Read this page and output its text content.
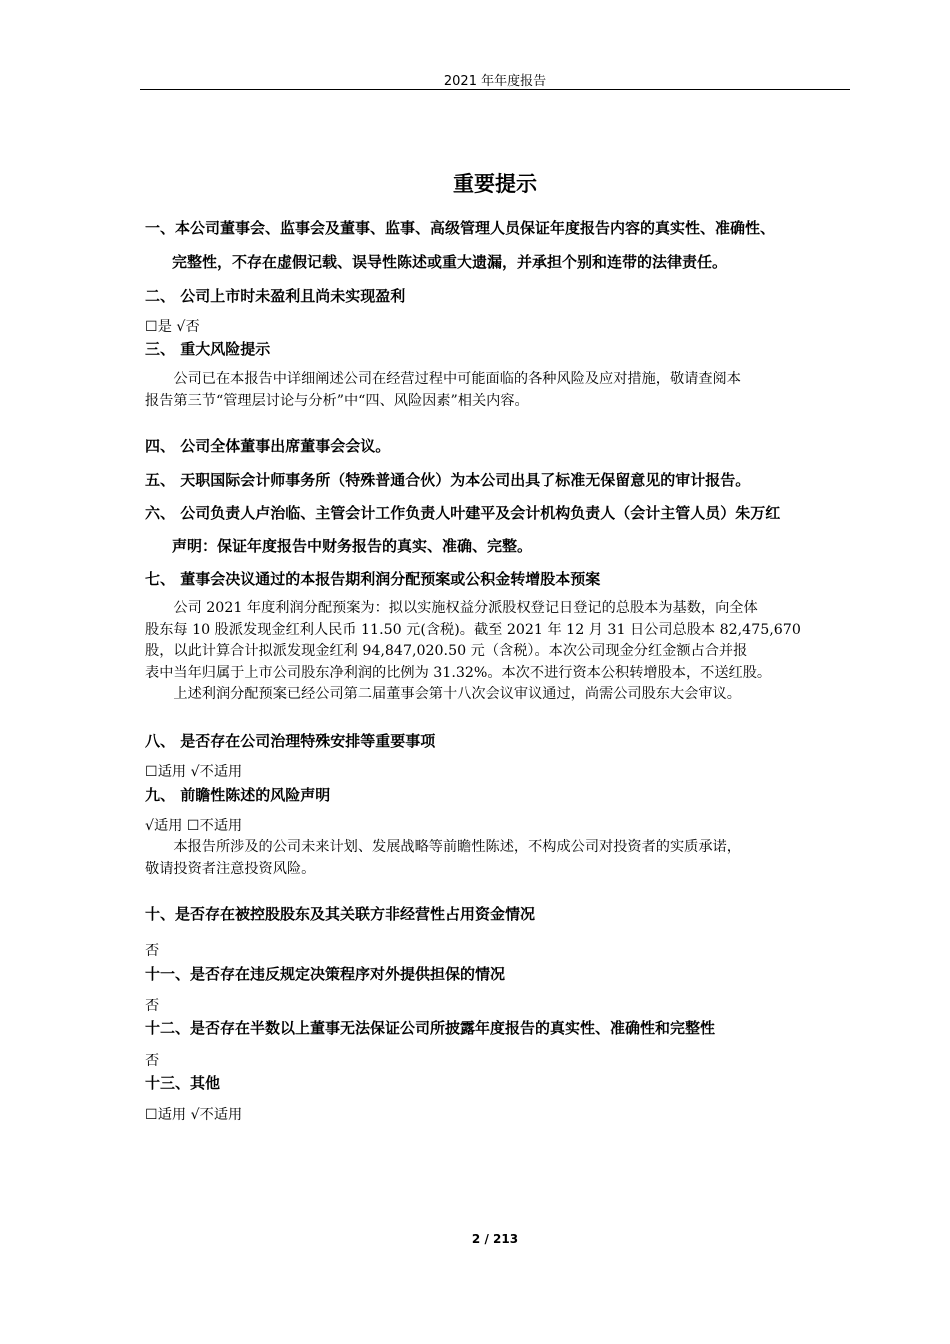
2021 年年度报告
重要提示
一、本公司董事会、监事会及董事、监事、高级管理人员保证年度报告内容的真实性、准确性、
完整性，不存在虚假记载、误导性陈述或重大遗漏，并承担个别和连带的法律责任。
二、 公司上市时未盈利且尚未实现盈利
☐是 √否
三、 重大风险提示
公司已在本报告中详细阐述公司在经营过程中可能面临的各种风险及应对措施，敬请查阅本
报告第三节“管理层讨论与分析”中“四、风险因素”相关内容。
四、 公司全体董事出席董事会会议。
五、 天职国际会计师事务所（特殊普通合伙）为本公司出具了标准无保留意见的审计报告。
六、 公司负责人卢治临、主管会计工作负责人叶建平及会计机构负责人（会计主管人员）朱万红
声明：保证年度报告中财务报告的真实、准确、完整。
七、 董事会决议通过的本报告期利润分配预案或公积金转增股本预案
公司 2021 年度利润分配预案为：拟以实施权益分派股权登记日登记的总股本为基数，向全体
股东每 10 股派发现金红利人民币 11.50 元(含税)。截至 2021 年 12 月 31 日公司总股本 82,475,670
股，以此计算合计拟派发现金红利 94,847,020.50 元（含税）。本次公司现金分红金额占合并报
表中当年归属于上市公司股东净利润的比例为 31.32%。本次不进行资本公积转增股本，不送红股。
上述利润分配预案已经公司第二届董事会第十八次会议审议通过，尚需公司股东大会审议。
八、 是否存在公司治理特殊安排等重要事项
☐适用 √不适用
九、 前瞻性陈述的风险声明
√适用 ☐不适用
本报告所涉及的公司未来计划、发展战略等前瞻性陈述，不构成公司对投资者的实质承诺，
敬请投资者注意投资风险。
十、是否存在被控股股东及其关联方非经营性占用资金情况
否
十一、是否存在违反规定决策程序对外提供担保的情况
否
十二、是否存在半数以上董事无法保证公司所披露年度报告的真实性、准确性和完整性
否
十三、其他
☐适用 √不适用
2 / 213
